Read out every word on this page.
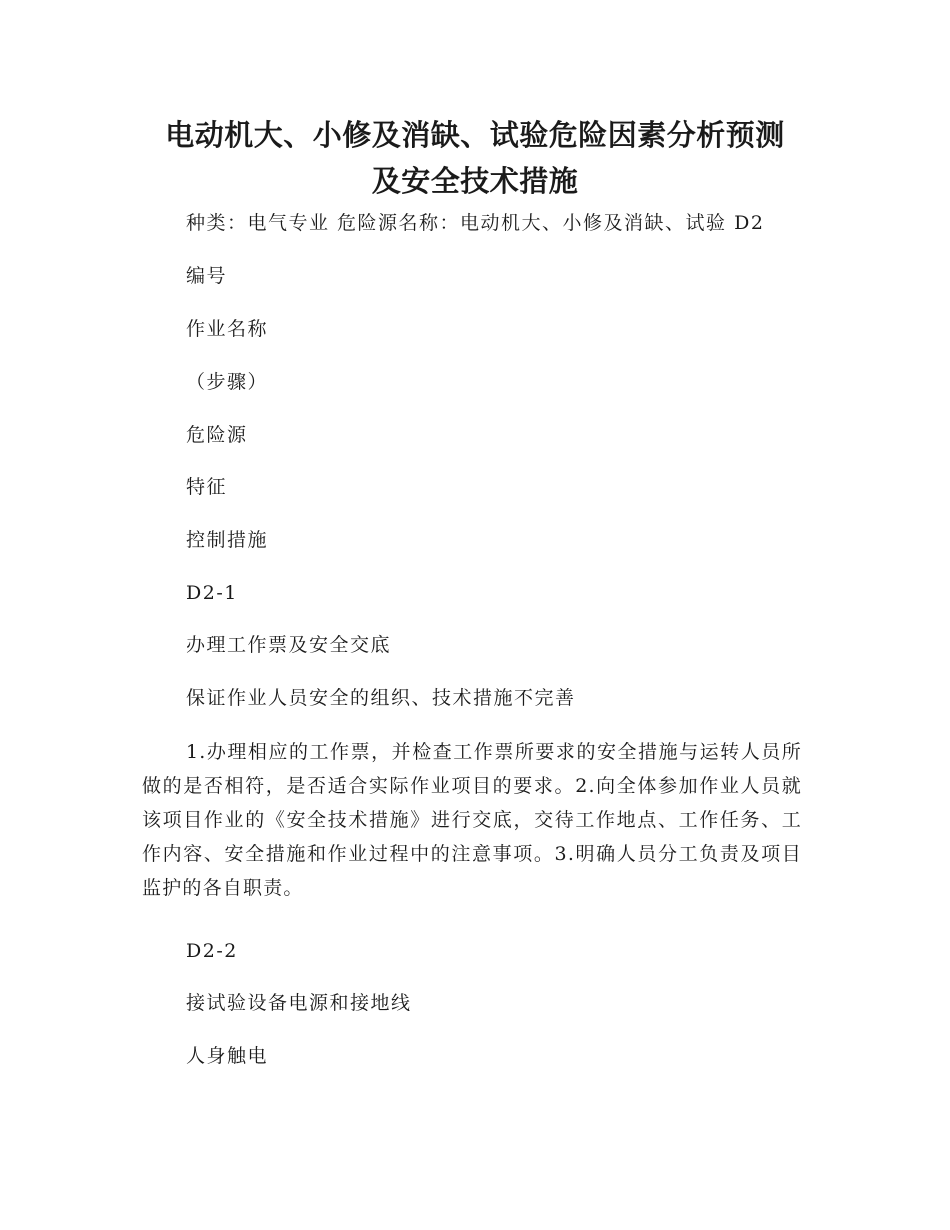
电动机大、小修及消缺、试验危险因素分析预测
及安全技术措施
种类：电气专业 危险源名称：电动机大、小修及消缺、试验 D2
编号
作业名称
（步骤）
危险源
特征
控制措施
D2-1
办理工作票及安全交底
保证作业人员安全的组织、技术措施不完善
1.办理相应的工作票，并检查工作票所要求的安全措施与运转人员所做的是否相符，是否适合实际作业项目的要求。2.向全体参加作业人员就该项目作业的《安全技术措施》进行交底，交待工作地点、工作任务、工作内容、安全措施和作业过程中的注意事项。3.明确人员分工负责及项目监护的各自职责。
D2-2
接试验设备电源和接地线
人身触电
